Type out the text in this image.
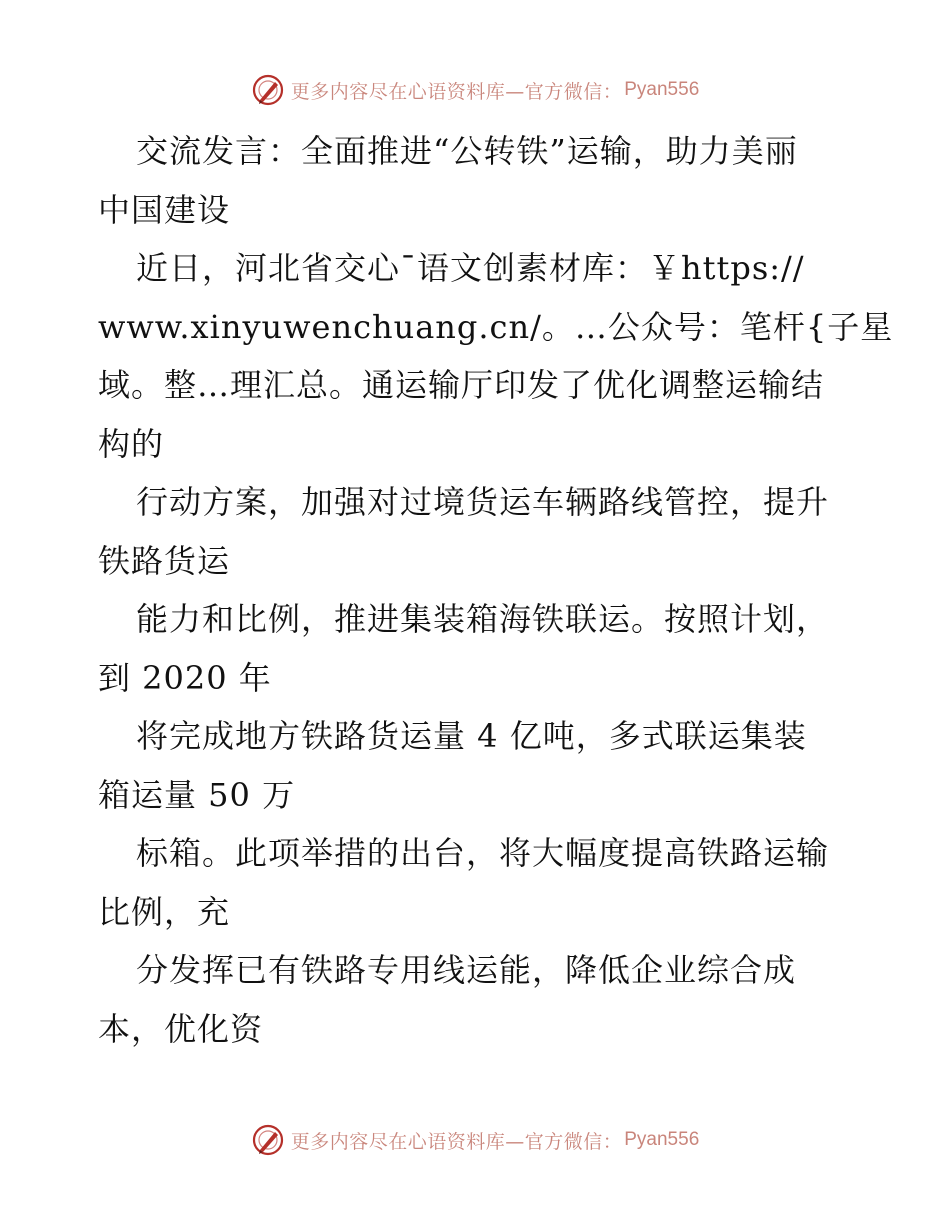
更多内容尽在心语资料库—官方微信： Pyan556
交流发言：全面推进“公转铁”运输，助力美丽
中国建设
近日，河北省交心¯语文创素材库：￥https://
www.xinyuwenchuang.cn/。…公众号：笔杆{子星
域。整…理汇总。通运输厅印发了优化调整运输结
构的
行动方案，加强对过境货运车辆路线管控，提升
铁路货运
能力和比例，推进集装箱海铁联运。按照计划，
到 2020 年
将完成地方铁路货运量 4 亿吨，多式联运集装
箱运量 50 万
标箱。此项举措的出台，将大幅度提高铁路运输
比例，充
分发挥已有铁路专用线运能，降低企业综合成
本，优化资
更多内容尽在心语资料库—官方微信： Pyan556
